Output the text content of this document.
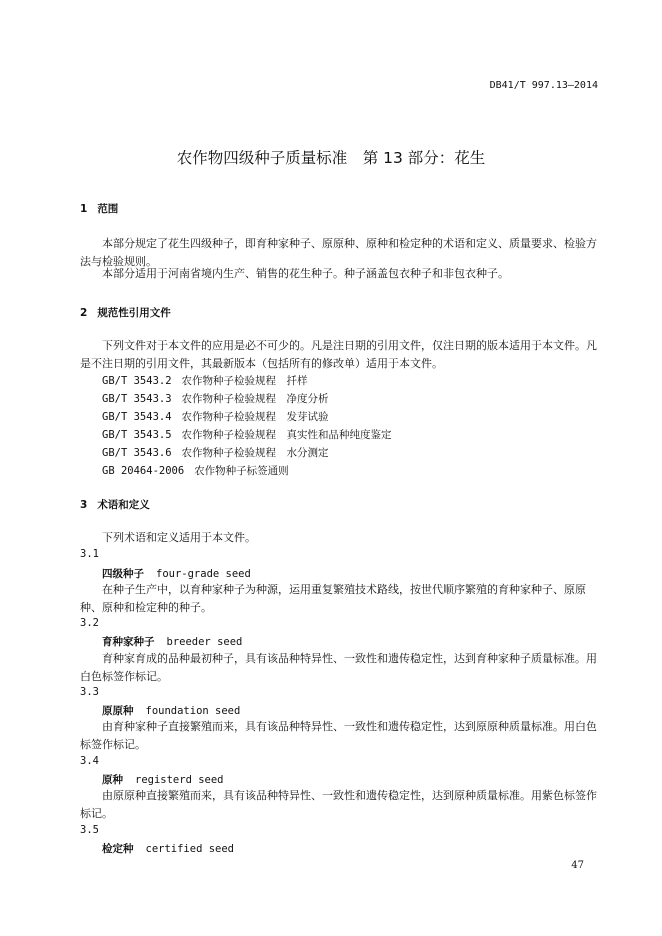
DB41/T 997.13—2014
农作物四级种子质量标准　第 13 部分：花生
1 范围
本部分规定了花生四级种子，即育种家种子、原原种、原种和检定种的术语和定义、质量要求、检验方法与检验规则。
本部分适用于河南省境内生产、销售的花生种子。种子涵盖包衣种子和非包衣种子。
2 规范性引用文件
下列文件对于本文件的应用是必不可少的。凡是注日期的引用文件，仅注日期的版本适用于本文件。凡是不注日期的引用文件，其最新版本（包括所有的修改单）适用于本文件。
GB/T 3543.2 农作物种子检验规程　扦样
GB/T 3543.3 农作物种子检验规程　净度分析
GB/T 3543.4 农作物种子检验规程　发芽试验
GB/T 3543.5 农作物种子检验规程　真实性和品种纯度鉴定
GB/T 3543.6 农作物种子检验规程　水分测定
GB 20464-2006 农作物种子标签通则
3 术语和定义
下列术语和定义适用于本文件。
3.1
四级种子 four-grade seed
在种子生产中，以育种家种子为种源，运用重复繁殖技术路线，按世代顺序繁殖的育种家种子、原原种、原种和检定种的种子。
3.2
育种家种子 breeder seed
育种家育成的品种最初种子，具有该品种特异性、一致性和遗传稳定性，达到育种家种子质量标准。用白色标签作标记。
3.3
原原种 foundation seed
由育种家种子直接繁殖而来，具有该品种特异性、一致性和遗传稳定性，达到原原种质量标准。用白色标签作标记。
3.4
原种 registerd seed
由原原种直接繁殖而来，具有该品种特异性、一致性和遗传稳定性，达到原种质量标准。用紫色标签作标记。
3.5
检定种 certified seed
47
